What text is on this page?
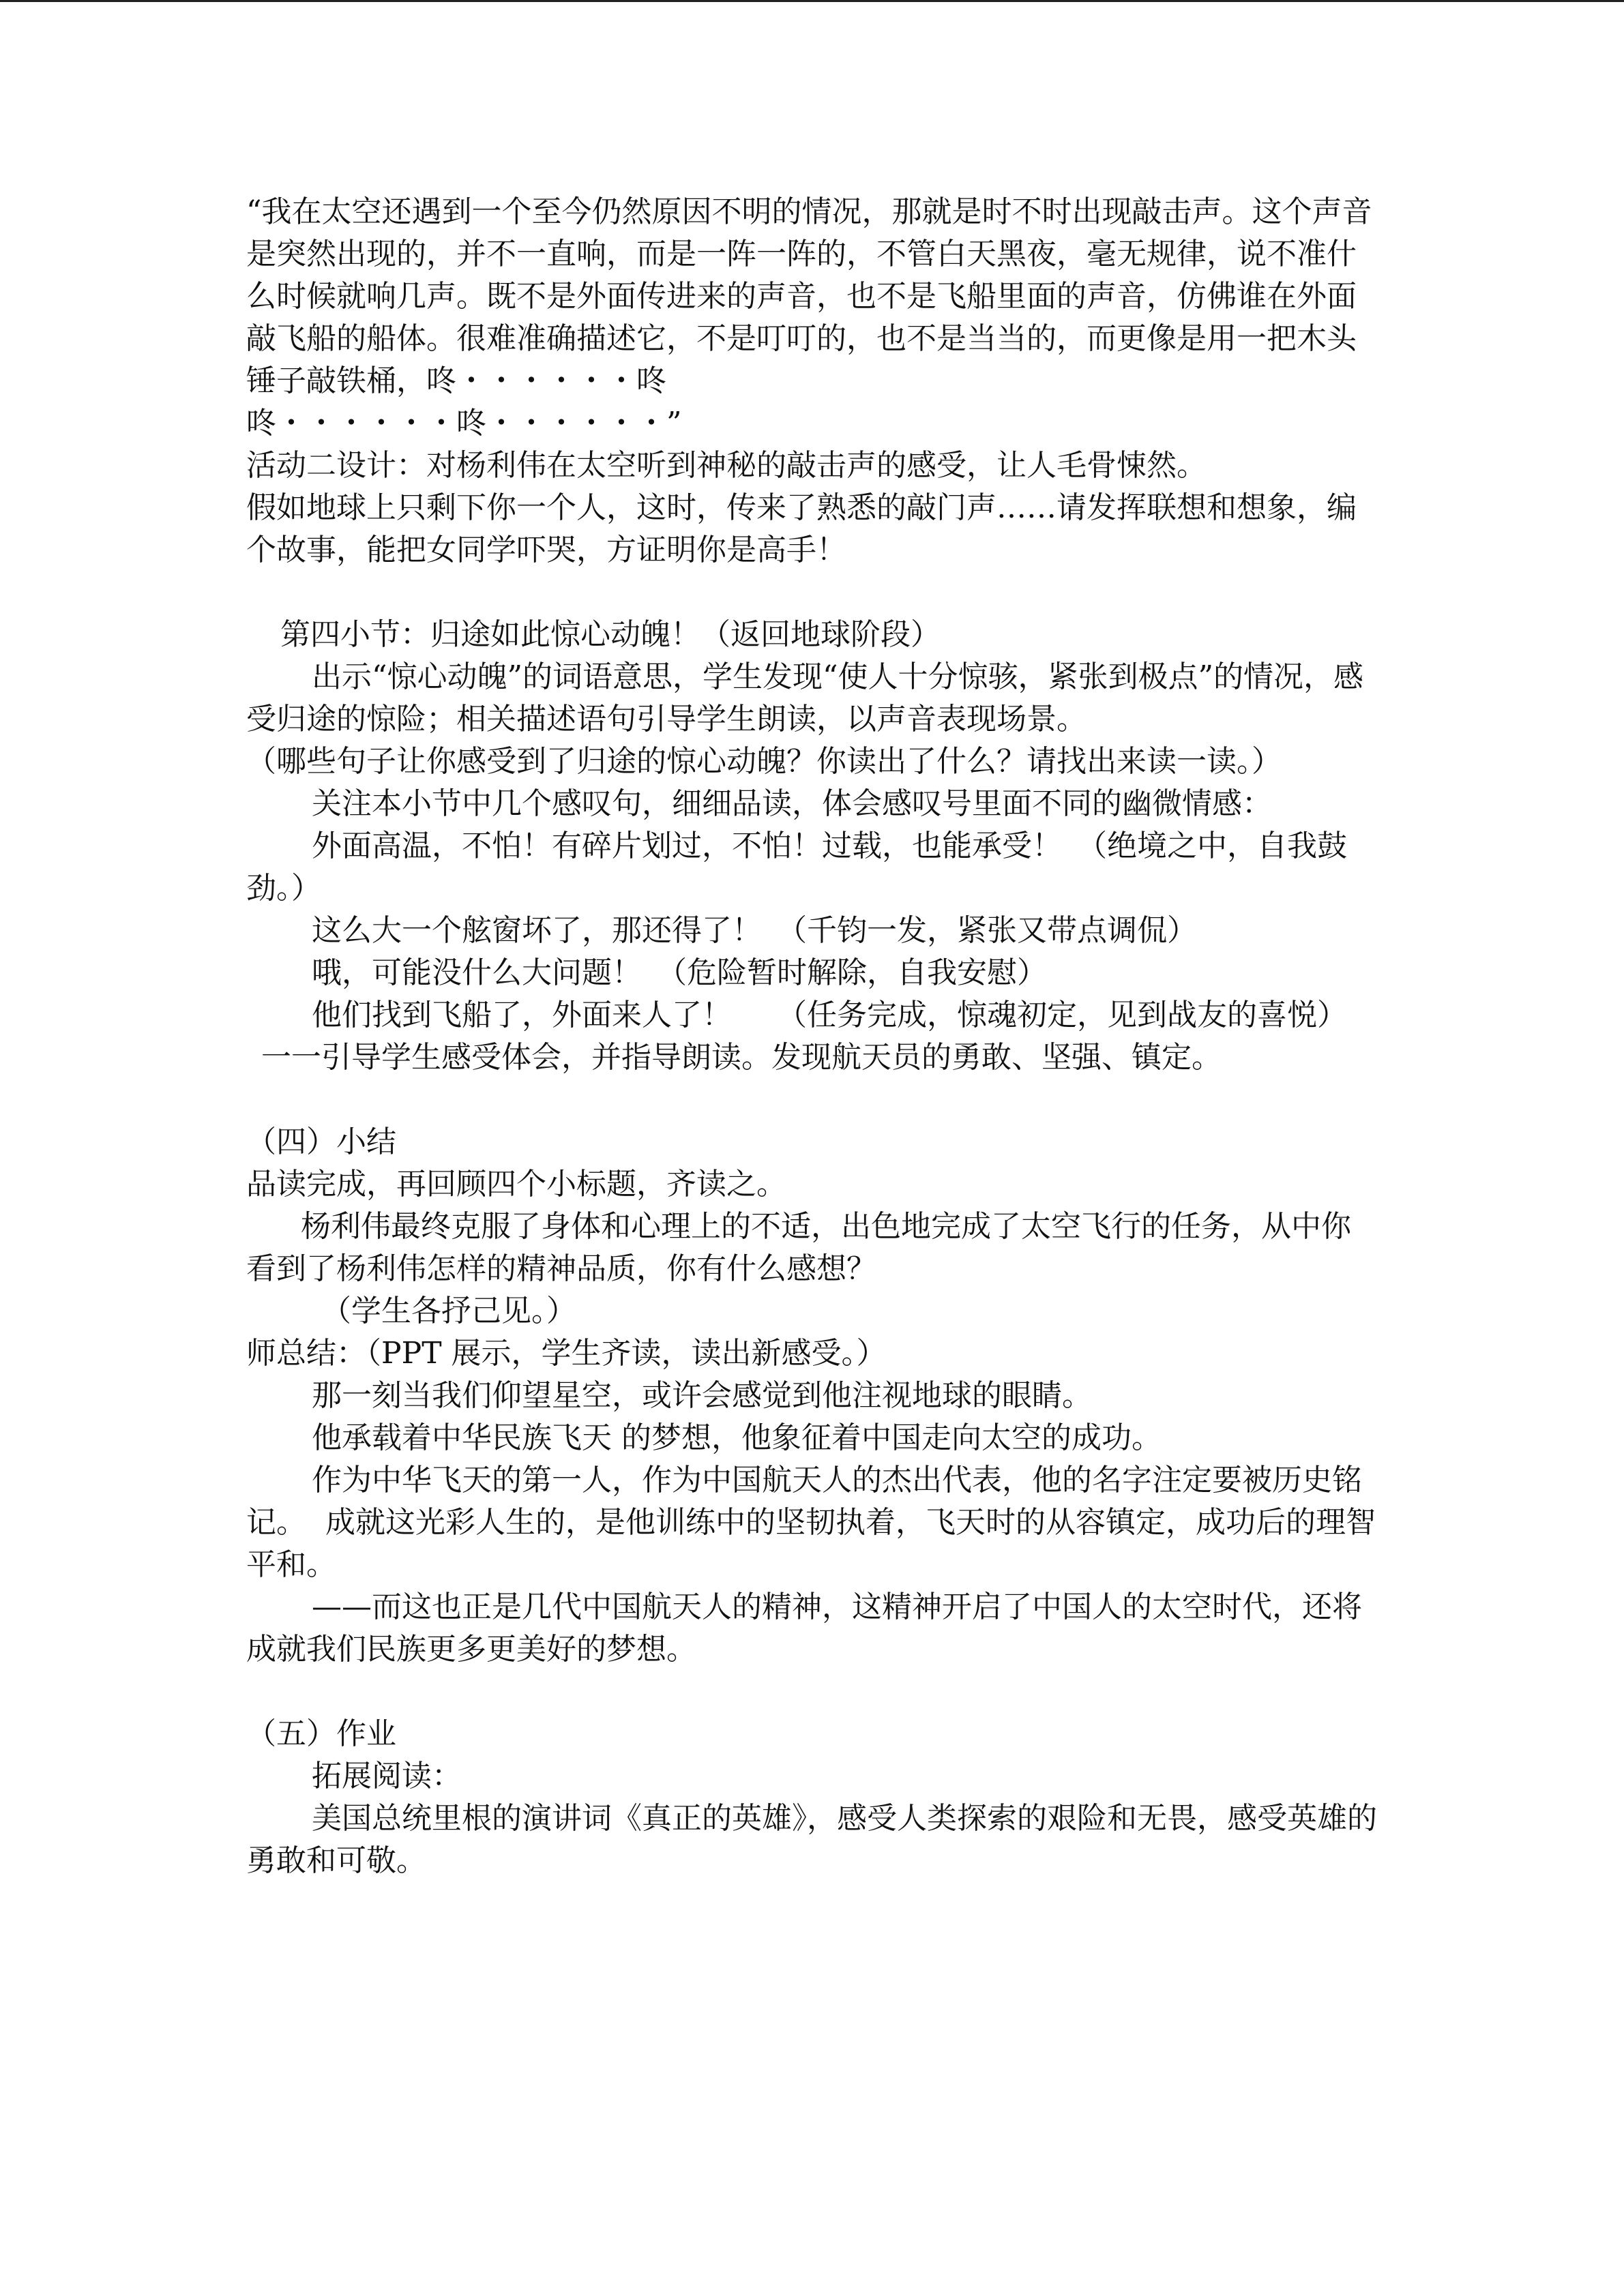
“我在太空还遇到一个至今仍然原因不明的情况，那就是时不时出现敲击声。这个声音是突然出现的，并不一直响，而是一阵一阵的，不管白天黑夜，毫无规律，说不准什么时候就响几声。既不是外面传进来的声音，也不是飞船里面的声音，仿佛谁在外面敲飞船的船体。很难准确描述它，不是叮叮的，也不是当当的，而更像是用一把木头锤子敲铁桶，咚・・・・・・咚

咚・・・・・・咚・・・・・・”

活动二设计：对杨利伟在太空听到神秘的敲击声的感受，让人毛骨悚然。

假如地球上只剩下你一个人，这时，传来了熟悉的敲门声……请发挥联想和想象，编个故事，能把女同学吓哭，方证明你是高手！

第四小节：归途如此惊心动魄！（返回地球阶段）

出示“惊心动魄”的词语意思，学生发现“使人十分惊骇，紧张到极点”的情况，感受归途的惊险；相关描述语句引导学生朗读，以声音表现场景。

（哪些句子让你感受到了归途的惊心动魄？你读出了什么？请找出来读一读。）

关注本小节中几个感叹句，细细品读，体会感叹号里面不同的幽微情感：

外面高温，不怕！有碎片划过，不怕！过载，也能承受！　（绝境之中，自我鼓劲。）

这么大一个舷窗坏了，那还得了！　（千钧一发，紧张又带点调侃）

哦，可能没什么大问题！　（危险暂时解除，自我安慰）

他们找到飞船了，外面来人了！　　（任务完成，惊魂初定，见到战友的喜悦）

一一引导学生感受体会，并指导朗读。发现航天员的勇敢、坚强、镇定。

（四）小结

品读完成，再回顾四个小标题，齐读之。

杨利伟最终克服了身体和心理上的不适，出色地完成了太空飞行的任务，从中你看到了杨利伟怎样的精神品质，你有什么感想？

（学生各抒己见。）

师总结：（PPT 展示，学生齐读，读出新感受。）

那一刻当我们仰望星空，或许会感觉到他注视地球的眼睛。

他承载着中华民族飞天 的梦想，他象征着中国走向太空的成功。

作为中华飞天的第一人，作为中国航天人的杰出代表，他的名字注定要被历史铭记。  成就这光彩人生的，是他训练中的坚韧执着，飞天时的从容镇定，成功后的理智平和。

——而这也正是几代中国航天人的精神，这精神开启了中国人的太空时代，还将成就我们民族更多更美好的梦想。

（五）作业

拓展阅读：

美国总统里根的演讲词《真正的英雄》，感受人类探索的艰险和无畏，感受英雄的勇敢和可敬。
